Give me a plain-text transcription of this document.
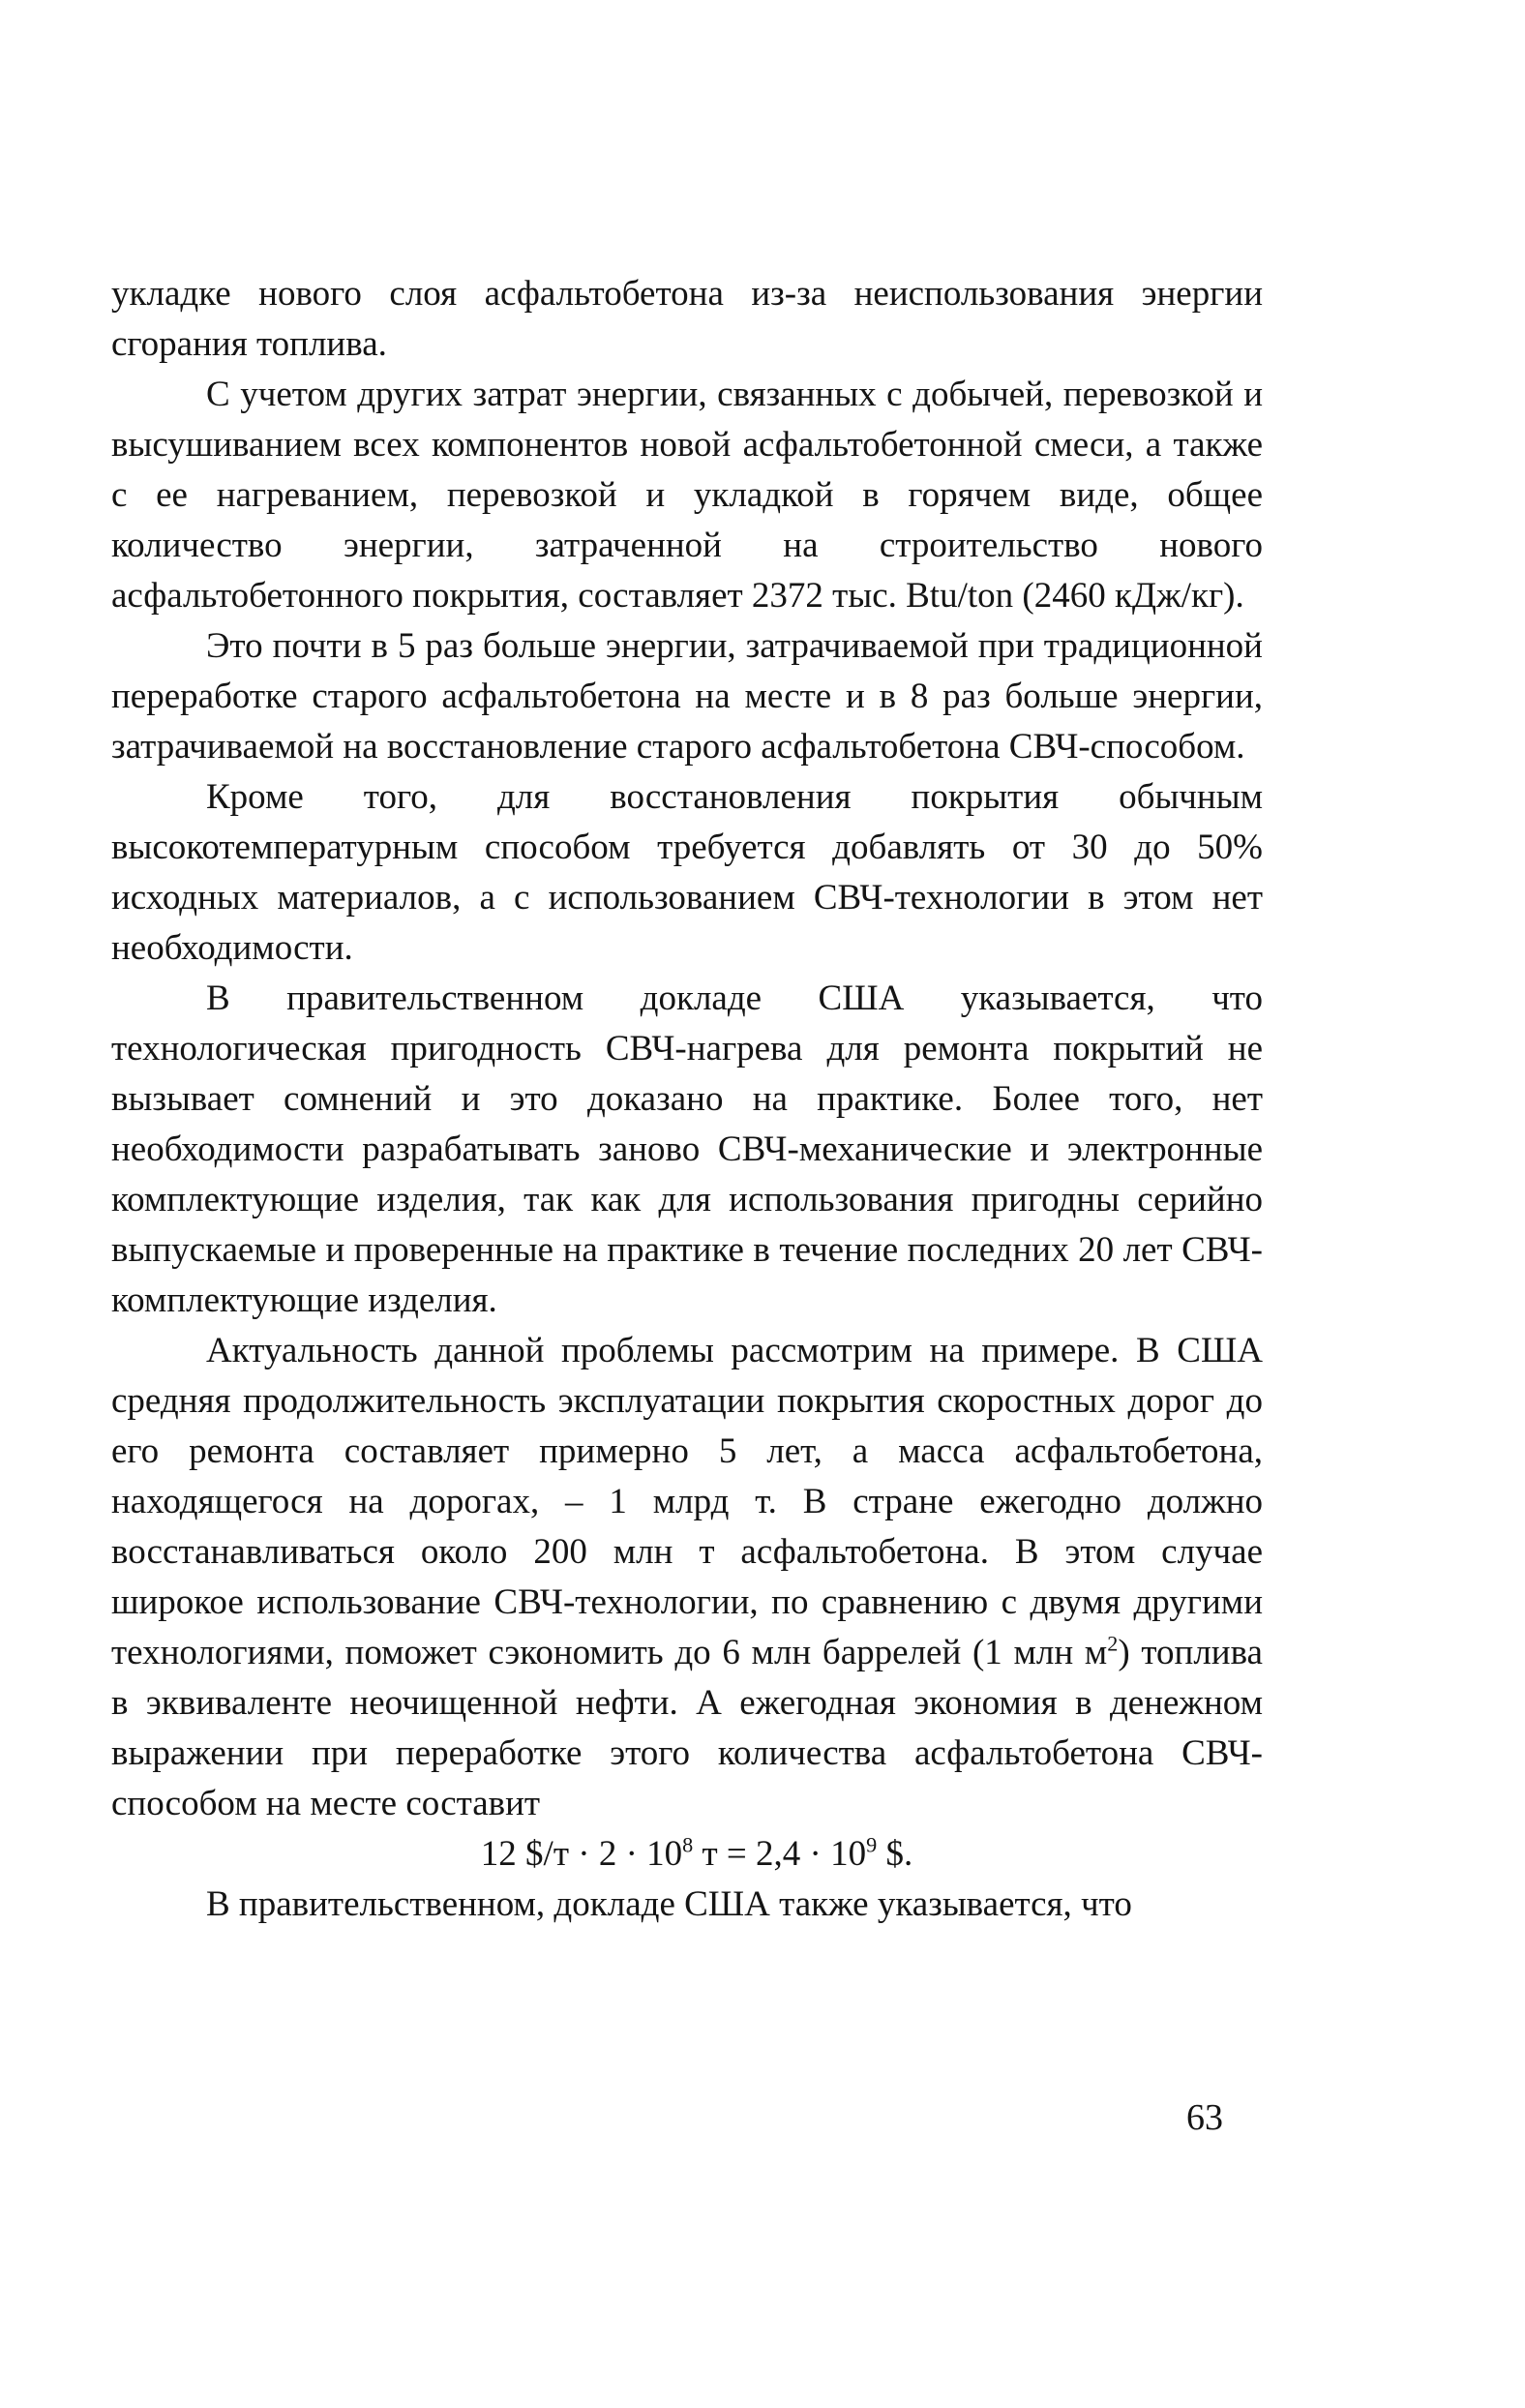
укладке нового слоя асфальтобетона из-за неиспользования энергии сгорания топлива.

С учетом других затрат энергии, связанных с добычей, перевозкой и высушиванием всех компонентов новой асфальтобетонной смеси, а также с ее нагреванием, перевозкой и укладкой в горячем виде, общее количество энергии, затраченной на строительство нового асфальтобетонного покрытия, составляет 2372 тыс. Btu/ton (2460 кДж/кг).

Это почти в 5 раз больше энергии, затрачиваемой при традиционной переработке старого асфальтобетона на месте и в 8 раз больше энергии, затрачиваемой на восстановление старого асфальтобетона СВЧ-способом.

Кроме того, для восстановления покрытия обычным высокотемпературным способом требуется добавлять от 30 до 50% исходных материалов, а с использованием СВЧ-технологии в этом нет необходимости.

В правительственном докладе США указывается, что технологическая пригодность СВЧ-нагрева для ремонта покрытий не вызывает сомнений и это доказано на практике. Более того, нет необходимости разрабатывать заново СВЧ-механические и электронные комплектующие изделия, так как для использования пригодны серийно выпускаемые и проверенные на практике в течение последних 20 лет СВЧ-комплектующие изделия.

Актуальность данной проблемы рассмотрим на примере. В США средняя продолжительность эксплуатации покрытия скоростных дорог до его ремонта составляет примерно 5 лет, а масса асфальтобетона, находящегося на дорогах, – 1 млрд т. В стране ежегодно должно восстанавливаться около 200 млн т асфальтобетона. В этом случае широкое использование СВЧ-технологии, по сравнению с двумя другими технологиями, поможет сэкономить до 6 млн баррелей (1 млн $м^2$) топлива в эквиваленте неочищенной нефти. А ежегодная экономия в денежном выражении при переработке этого количества асфальтобетона СВЧ-способом на месте составит

12 $/т · $2 \cdot 10^8$ $т = 2,4 \cdot 10^9$ $.

В правительственном, докладе США также указывается, что

63
